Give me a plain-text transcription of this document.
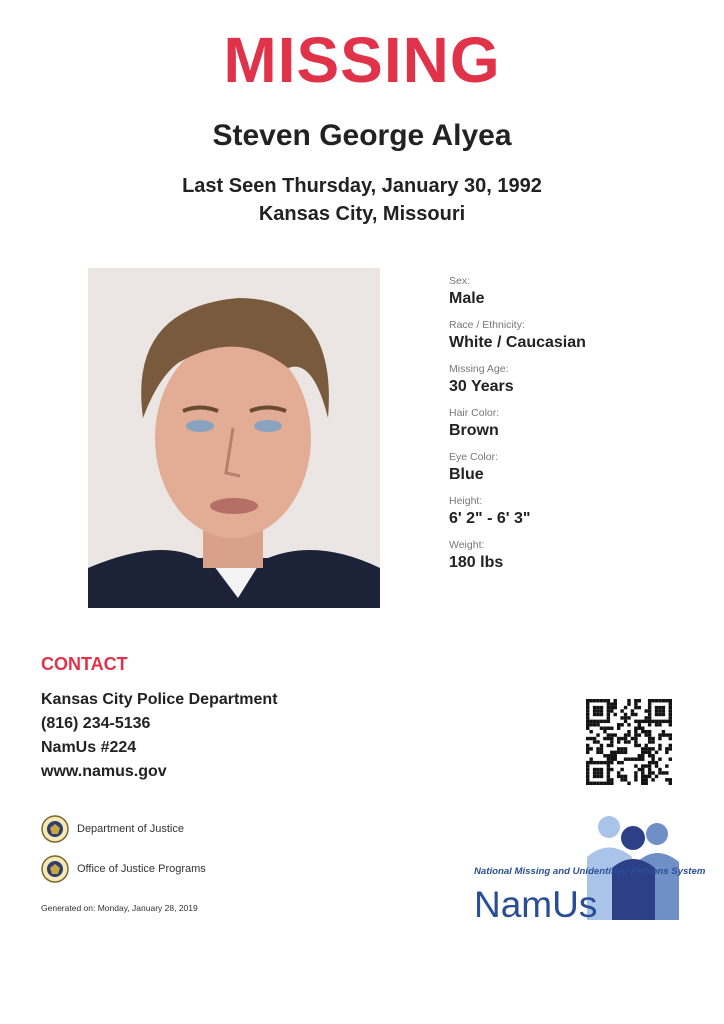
MISSING
Steven George Alyea
Last Seen Thursday, January 30, 1992
Kansas City, Missouri
Sex:
Male
Race / Ethnicity:
White / Caucasian
Missing Age:
30 Years
Hair Color:
Brown
Eye Color:
Blue
Height:
6' 2" - 6' 3"
Weight:
180 lbs
CONTACT
Kansas City Police Department
(816) 234-5136
NamUs #224
www.namus.gov
Department of Justice
Office of Justice Programs
Generated on: Monday, January 28, 2019
National Missing and Unidentified Persons System
NamUs
